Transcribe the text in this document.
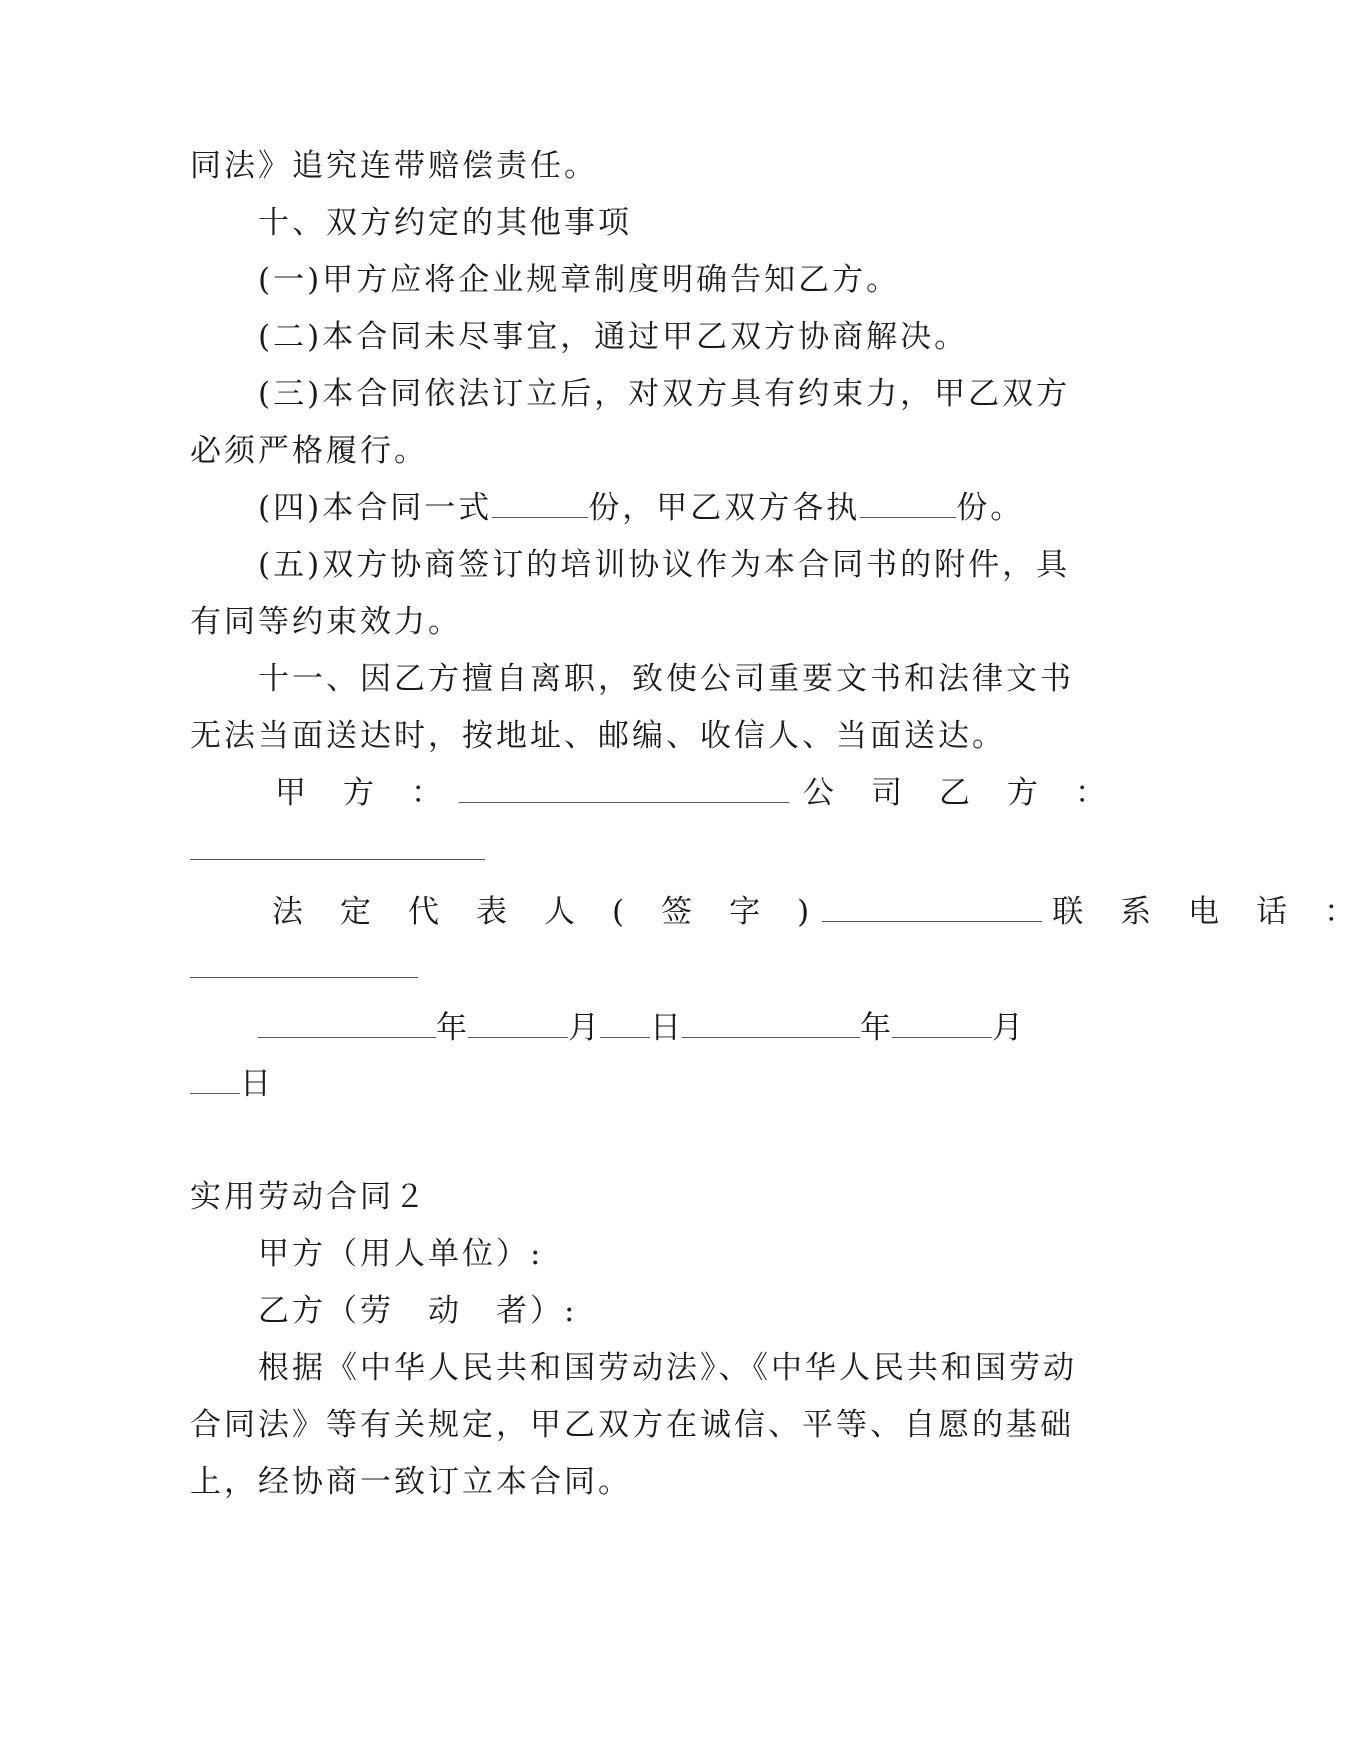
同法》追究连带赔偿责任。
十、双方约定的其他事项
(一)甲方应将企业规章制度明确告知乙方。
(二)本合同未尽事宜，通过甲乙双方协商解决。
(三)本合同依法订立后，对双方具有约束力，甲乙双方
必须严格履行。
(四)本合同一式	份，甲乙双方各执	份。
(五)双方协商签订的培训协议作为本合同书的附件，具
有同等约束效力。
十一、因乙方擅自离职，致使公司重要文书和法律文书
无法当面送达时，按地址、邮编、收信人、当面送达。
甲　方　：	公　司　乙　方　：
法　定　代　表　人　(　签　字　)	联　系　电　话　：
年	月 日	年	月
日
实用劳动合同２
甲方（用人单位）:
乙方（劳　动　者）:
根据《中华人民共和国劳动法》、《中华人民共和国劳动
合同法》等有关规定，甲乙双方在诚信、平等、自愿的基础
上，经协商一致订立本合同。
